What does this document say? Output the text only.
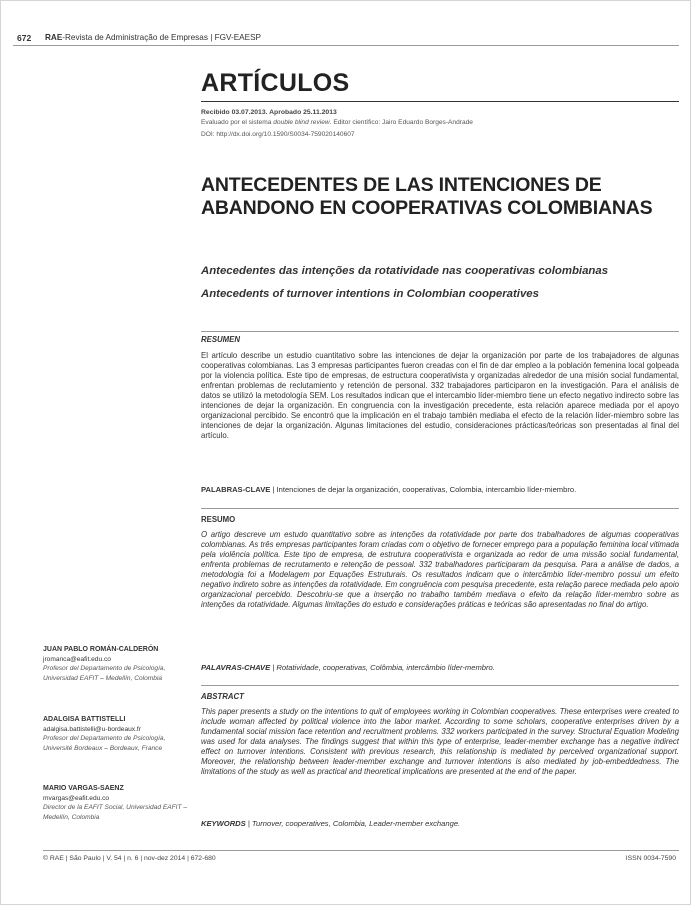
672 RAE-Revista de Administração de Empresas | FGV-EAESP
ARTÍCULOS
Recibido 03.07.2013. Aprobado 25.11.2013
Evaluado por el sistema double blind review. Editor científico: Jairo Eduardo Borges-Andrade
DOI: http://dx.doi.org/10.1590/S0034-759020140607
ANTECEDENTES DE LAS INTENCIONES DE ABANDONO EN COOPERATIVAS COLOMBIANAS
Antecedentes das intenções da rotatividade nas cooperativas colombianas
Antecedents of turnover intentions in Colombian cooperatives
RESUMEN
El artículo describe un estudio cuantitativo sobre las intenciones de dejar la organización por parte de los trabajadores de algunas cooperativas colombianas. Las 3 empresas participantes fueron creadas con el fin de dar empleo a la población femenina local golpeada por la violencia política. Este tipo de empresas, de estructura cooperativista y organizadas alrededor de una misión social fundamental, enfrentan problemas de reclutamiento y retención de personal. 332 trabajadores participaron en la investigación. Para el análisis de datos se utilizó la metodología SEM. Los resultados indican que el intercambio líder-miembro tiene un efecto negativo indirecto sobre las intenciones de dejar la organización. En congruencia con la investigación precedente, esta relación aparece mediada por el apoyo organizacional percibido. Se encontró que la implicación en el trabajo también mediaba el efecto de la relación líder-miembro sobre las intenciones de dejar la organización. Algunas limitaciones del estudio, consideraciones prácticas/teóricas son presentadas al final del artículo.
PALABRAS-CLAVE | Intenciones de dejar la organización, cooperativas, Colombia, intercambio líder-miembro.
RESUMO
O artigo descreve um estudo quantitativo sobre as intenções da rotatividade por parte dos trabalhadores de algumas cooperativas colombianas. As três empresas participantes foram criadas com o objetivo de fornecer emprego para a população feminina local vitimada pela violência política. Este tipo de empresa, de estrutura cooperativista e organizada ao redor de uma missão social fundamental, enfrenta problemas de recrutamento e retenção de pessoal. 332 trabalhadores participaram da pesquisa. Para a análise de dados, a metodologia foi a Modelagem por Equações Estruturais. Os resultados indicam que o intercâmbio líder-membro possui um efeito negativo indireto sobre as intenções da rotatividade. Em congruência com pesquisa precedente, esta relação parece mediada pelo apoio organizacional percebido. Descobriu-se que a inserção no trabalho também mediava o efeito da relação líder-membro sobre as intenções da rotatividade. Algumas limitações do estudo e considerações práticas e teóricas são apresentadas no final do artigo.
PALAVRAS-CHAVE | Rotatividade, cooperativas, Colômbia, intercâmbio líder-membro.
ABSTRACT
This paper presents a study on the intentions to quit of employees working in Colombian cooperatives. These enterprises were created to include woman affected by political violence into the labor market. According to some scholars, cooperative enterprises driven by a fundamental social mission face retention and recruitment problems. 332 workers participated in the survey. Structural Equation Modeling was used for data analyses. The findings suggest that within this type of enterprise, leader-member exchange has a negative indirect effect on turnover intentions. Consistent with previous research, this relationship is mediated by perceived organizational support. Moreover, the relationship between leader-member exchange and turnover intentions is also mediated by job-embeddedness. The limitations of the study as well as practical and theoretical implications are presented at the end of the paper.
KEYWORDS | Turnover, cooperatives, Colombia, Leader-member exchange.
JUAN PABLO ROMÁN-CALDERÓN
jromanca@eafit.edu.co
Profesor del Departamento de Psicología, Universidad EAFIT – Medellín, Colombia
ADALGISA BATTISTELLI
adalgisa.battistelli@u-bordeaux.fr
Profesor del Departamento de Psicología, Université Bordeaux – Bordeaux, France
MARIO VARGAS-SAENZ
mvargas@eafit.edu.co
Director de la EAFIT Social, Universidad EAFIT – Medellín, Colombia
© RAE | São Paulo | V. 54 | n. 6 | nov-dez 2014 | 672-680	ISSN 0034-7590
